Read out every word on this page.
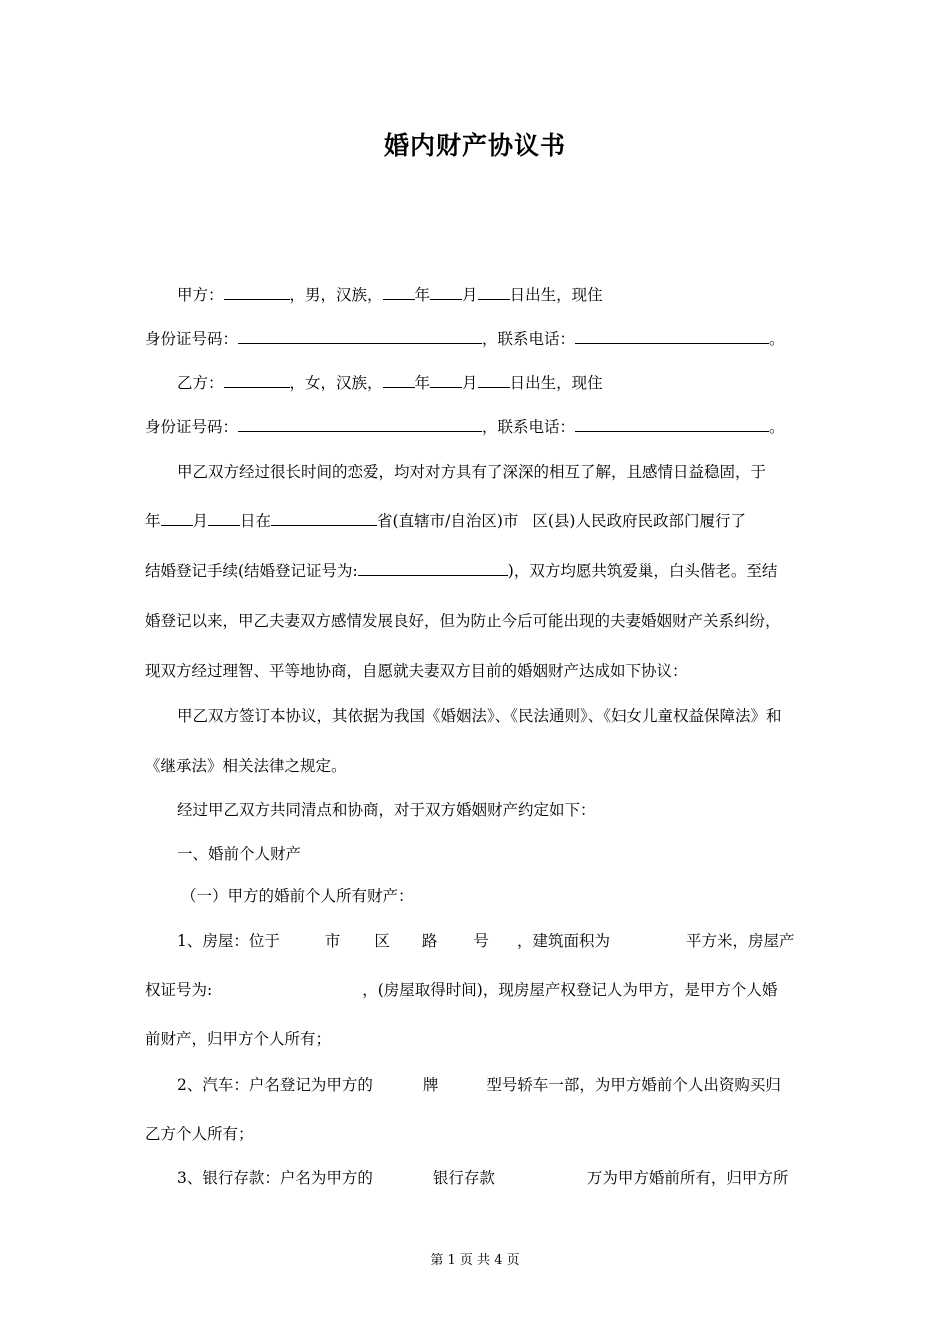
婚内财产协议书
甲方：	，男，汉族， 年 月 日出生，现住
身份证号码：	，联系电话：	。
乙方：	，女，汉族， 年 月 日出生，现住
身份证号码：	，联系电话：	。
甲乙双方经过很长时间的恋爱，均对对方具有了深深的相互了解，且感情日益稳固，于
年 月 日在	省(直辖市/自治区)市 区(县)人民政府民政部门履行了
结婚登记手续(结婚登记证号为:	)，双方均愿共筑爱巢，白头偕老。至结
婚登记以来，甲乙夫妻双方感情发展良好，但为防止今后可能出现的夫妻婚姻财产关系纠纷，
现双方经过理智、平等地协商，自愿就夫妻双方目前的婚姻财产达成如下协议：
甲乙双方签订本协议，其依据为我国《婚姻法》、《民法通则》、《妇女儿童权益保障法》和
《继承法》相关法律之规定。
经过甲乙双方共同清点和协商，对于双方婚姻财产约定如下：
一、婚前个人财产
（一）甲方的婚前个人所有财产：
1、房屋：位于	市 区 路 号 ，建筑面积为	平方米，房屋产
权证号为:	，(房屋取得时间)，现房屋产权登记人为甲方，是甲方个人婚
前财产，归甲方个人所有；
2、汽车：户名登记为甲方的	牌	型号轿车一部，为甲方婚前个人出资购买归
乙方个人所有；
3、银行存款：户名为甲方的	银行存款	万为甲方婚前所有，归甲方所
第 1 页 共 4 页
